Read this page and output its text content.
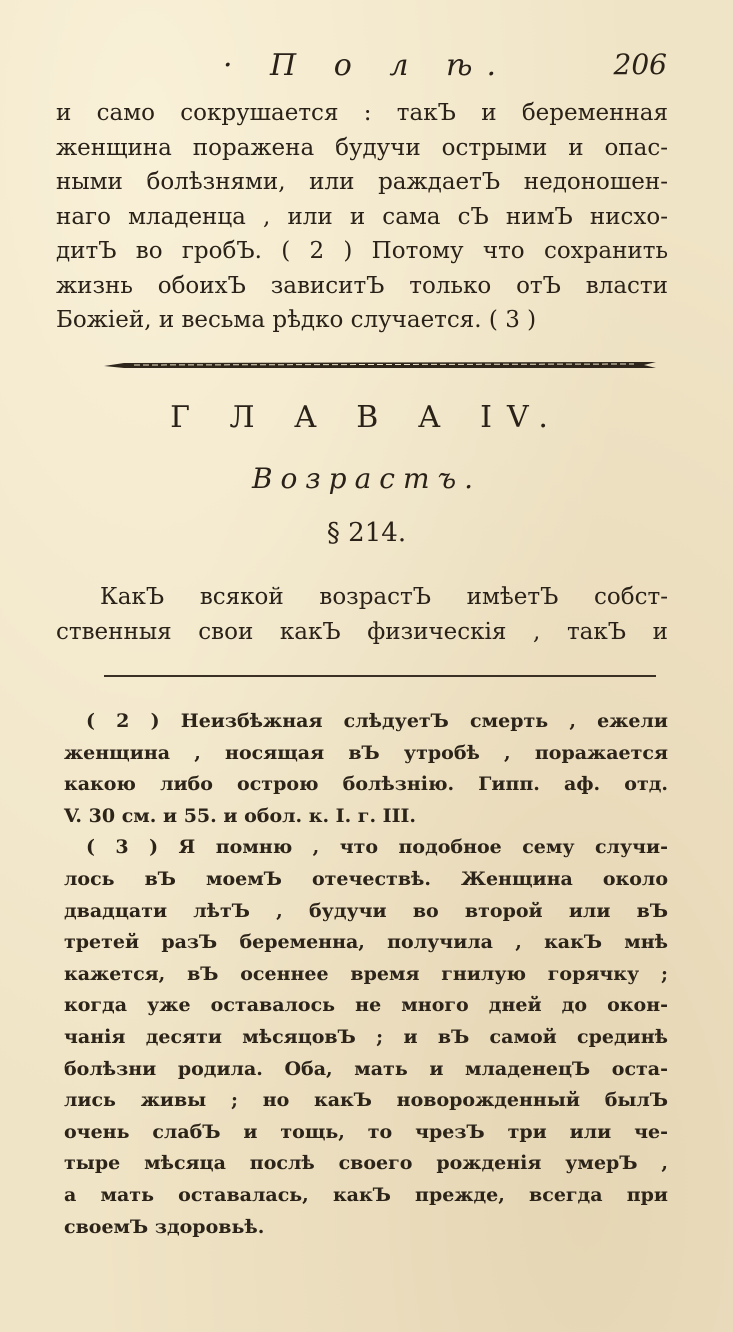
· П о л ѣ.	206
и само сокрушается : такЪ и беременная
женщина поражена будучи острыми и опас-
ными болѣзнями, или раждаетЪ недоношен-
наго младенца , или и сама сЪ нимЪ нисхо-
дитЪ во гробЪ. ( 2 ) Потому что сохранить
жизнь обоихЪ зависитЪ только отЪ власти
Божіей, и весьма рѣдко случается. ( 3 )
Г Л А В А IV.
Возрастъ.
§ 214.
КакЪ всякой возрастЪ имѣетЪ собст-
ственныя свои какЪ физическія , такЪ и
( 2 ) Неизбѣжная слѣдуетЪ смерть , ежели
женщина , носящая вЪ утробѣ , поражается
какою либо острою болѣзнію. Гипп. аф. отд.
V. 30 см. и 55. и обол. к. I. г. III.
( 3 ) Я помню , что подобное сему случи-
лось вЪ моемЪ отечествѣ. Женщина около
двадцати лѣтЪ , будучи во второй или вЪ
третей разЪ беременна, получила , какЪ мнѣ
кажется, вЪ осеннее время гнилую горячку ;
когда уже оставалось не много дней до окон-
чанія десяти мѣсяцовЪ ; и вЪ самой срединѣ
болѣзни родила. Оба, мать и младенецЪ оста-
лись живы ; но какЪ новорожденный былЪ
очень слабЪ и тощь, то чрезЪ три или че-
тыре мѣсяца послѣ своего рожденія умерЪ ,
а мать оставалась, какЪ прежде, всегда при
своемЪ здоровьѣ.
